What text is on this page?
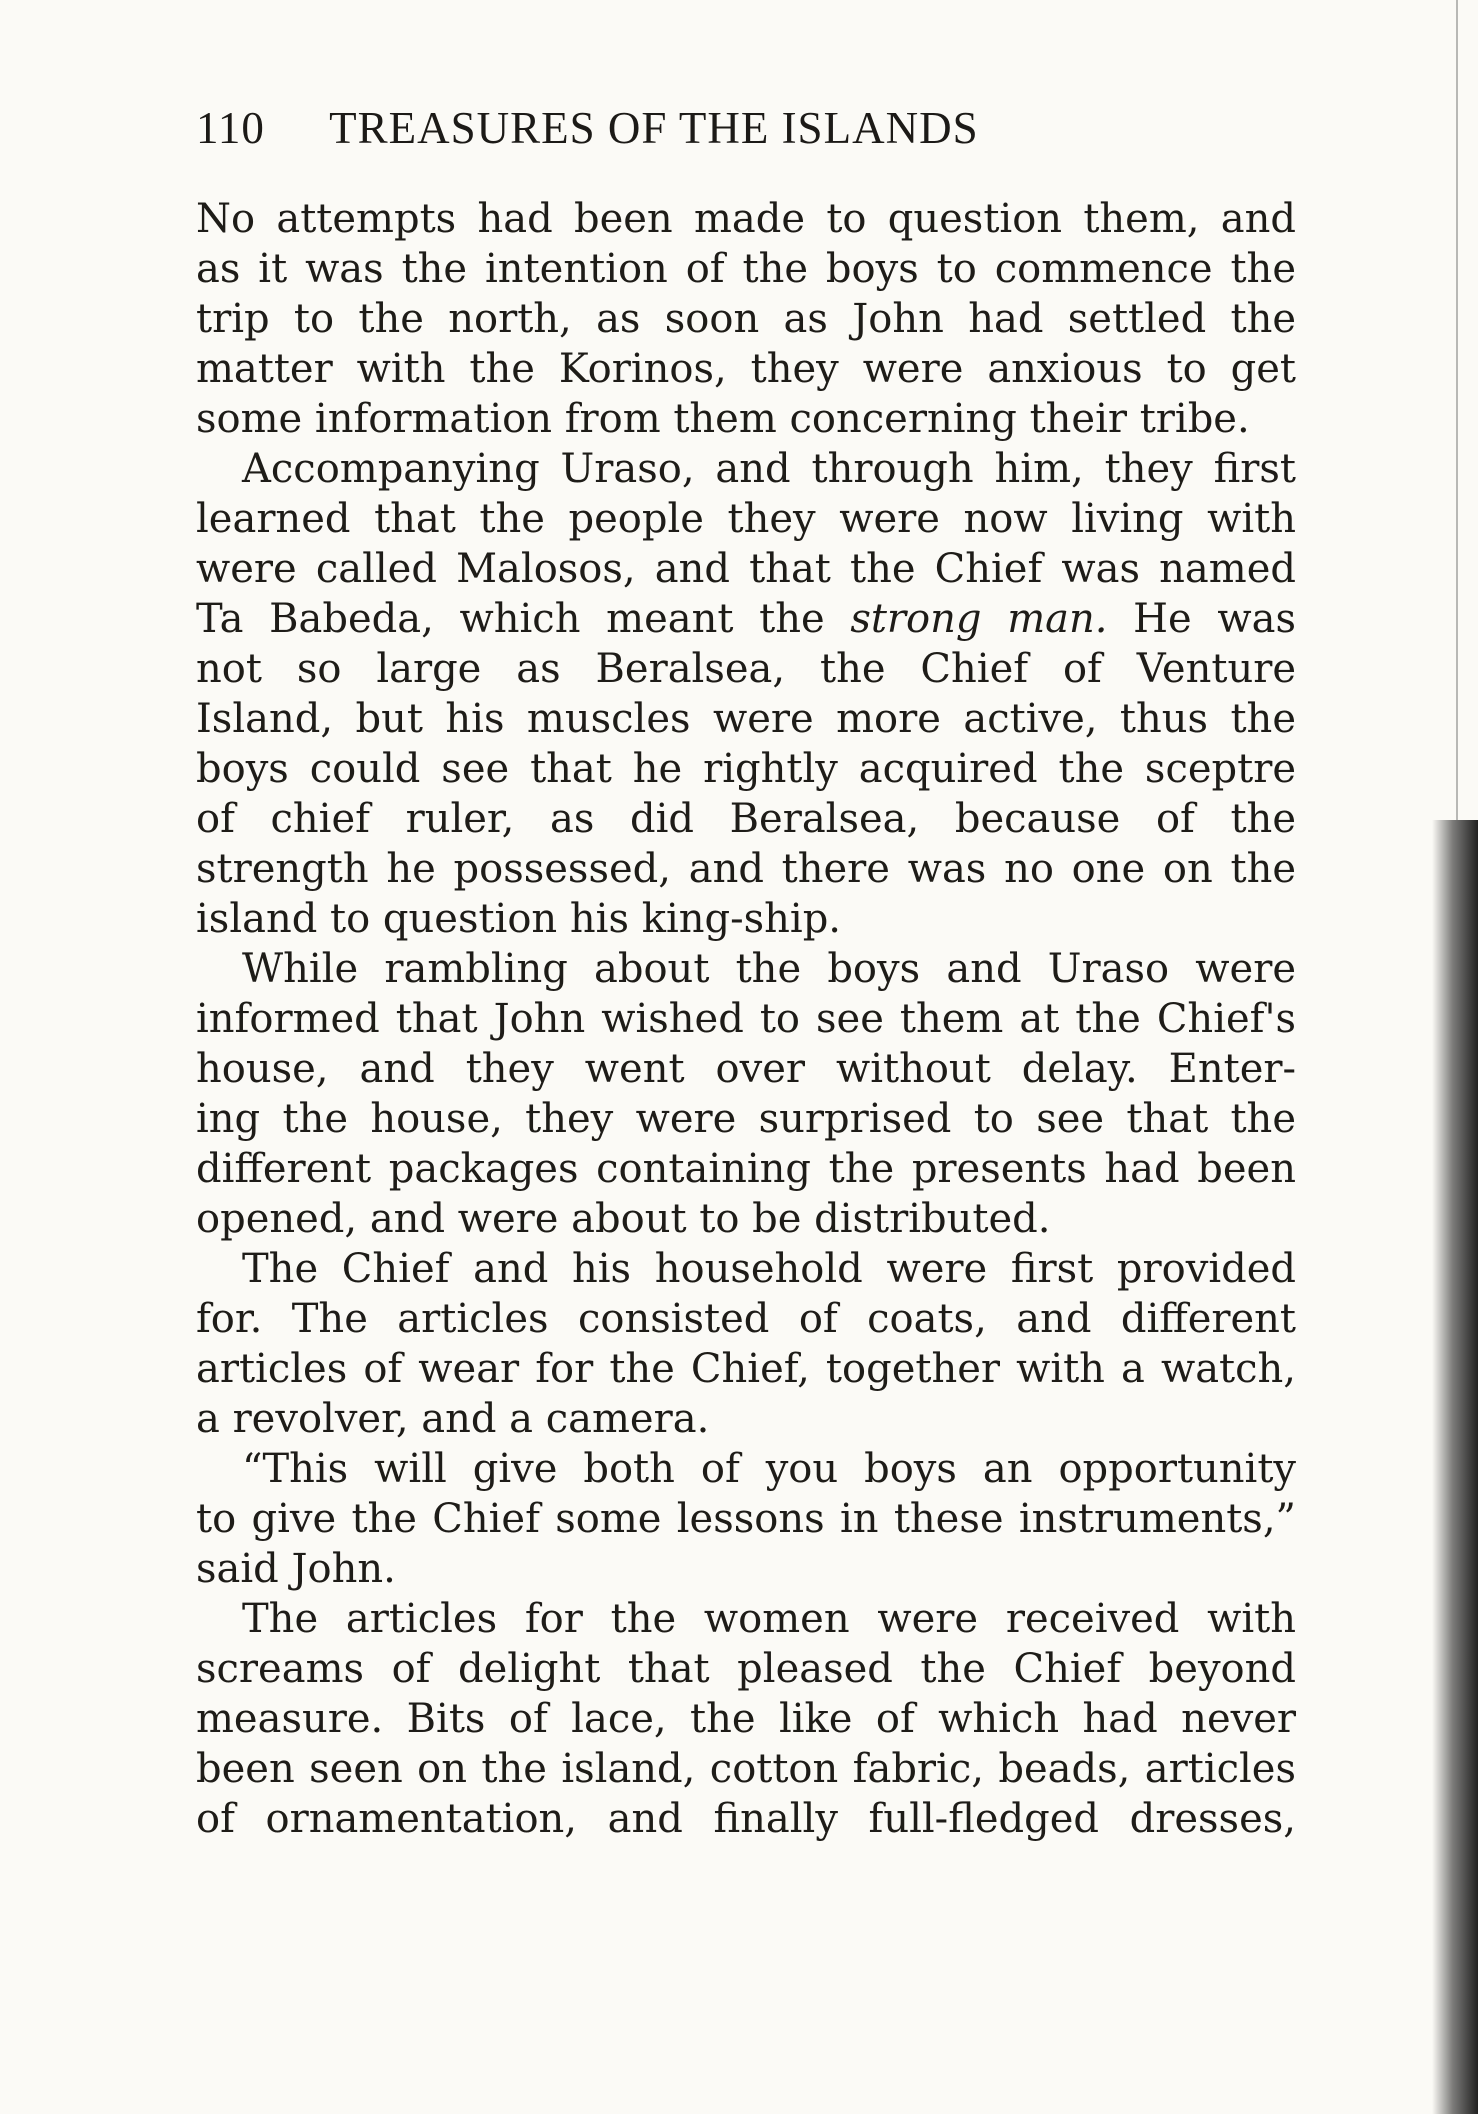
110 TREASURES OF THE ISLANDS
No attempts had been made to question them, and
as it was the intention of the boys to commence the
trip to the north, as soon as John had settled the
matter with the Korinos, they were anxious to get
some information from them concerning their tribe.
Accompanying Uraso, and through him, they first
learned that the people they were now living with
were called Malosos, and that the Chief was named
Ta Babeda, which meant the strong man. He was
not so large as Beralsea, the Chief of Venture
Island, but his muscles were more active, thus the
boys could see that he rightly acquired the sceptre
of chief ruler, as did Beralsea, because of the
strength he possessed, and there was no one on the
island to question his king-ship.
While rambling about the boys and Uraso were
informed that John wished to see them at the Chief's
house, and they went over without delay. Enter-
ing the house, they were surprised to see that the
different packages containing the presents had been
opened, and were about to be distributed.
The Chief and his household were first provided
for. The articles consisted of coats, and different
articles of wear for the Chief, together with a watch,
a revolver, and a camera.
“This will give both of you boys an opportunity
to give the Chief some lessons in these instruments,”
said John.
The articles for the women were received with
screams of delight that pleased the Chief beyond
measure. Bits of lace, the like of which had never
been seen on the island, cotton fabric, beads, articles
of ornamentation, and finally full-fledged dresses,
